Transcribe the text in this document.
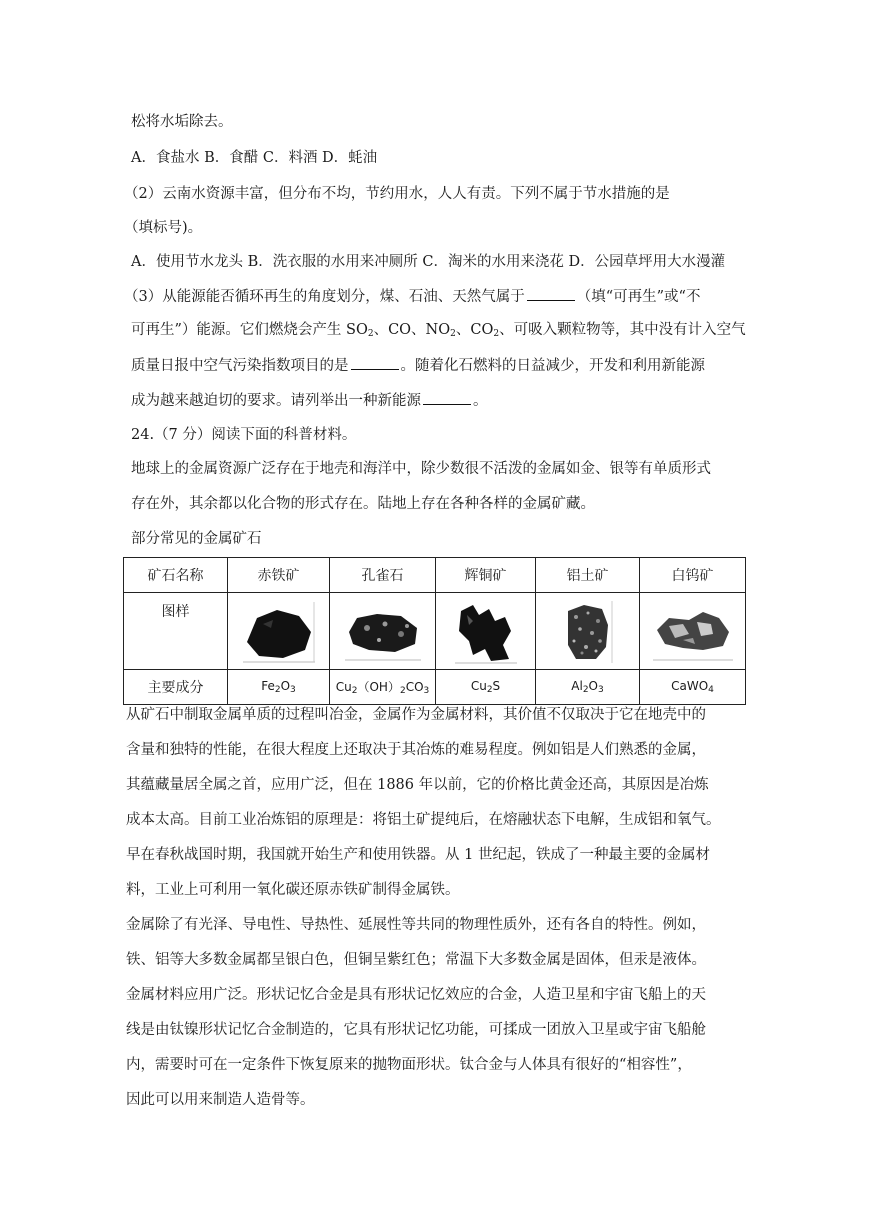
松将水垢除去。
A．食盐水 B．食醋 C．料酒 D．蚝油
（2）云南水资源丰富，但分布不均，节约用水，人人有责。下列不属于节水措施的是
（填标号)。
A．使用节水龙头 B．洗衣服的水用来冲厕所 C．淘米的水用来浇花 D．公园草坪用大水漫灌
（3）从能源能否循环再生的角度划分，煤、石油、天然气属于	（填“可再生”或“不
可再生”）能源。它们燃烧会产生 $SO_2$、CO、$NO_2$、$CO_2$、可吸入颗粒物等，其中没有计入空气
质量日报中空气污染指数项目的是	。随着化石燃料的日益减少，开发和利用新能源
成为越来越迫切的要求。请列举出一种新能源	。
24.（7 分）阅读下面的科普材料。
地球上的金属资源广泛存在于地壳和海洋中，除少数很不活泼的金属如金、银等有单质形式
存在外，其余都以化合物的形式存在。陆地上存在各种各样的金属矿藏。
部分常见的金属矿石
矿石名称	赤铁矿	孔雀石	辉铜矿	铝土矿	白钨矿
图样	

主要成分	$Fe_2O_3$	$Cu_2(OH)_2CO_3$	$Cu_2S$	$Al_2O_3$	CaWO$_4$
从矿石中制取金属单质的过程叫冶金，金属作为金属材料，其价值不仅取决于它在地壳中的
含量和独特的性能，在很大程度上还取决于其冶炼的难易程度。例如铝是人们熟悉的金属，
其蕴藏量居全属之首，应用广泛，但在 1886 年以前，它的价格比黄金还高，其原因是冶炼
成本太高。目前工业冶炼铝的原理是：将铝土矿提纯后，在熔融状态下电解，生成铝和氧气。
早在春秋战国时期，我国就开始生产和使用铁器。从 1 世纪起，铁成了一种最主要的金属材
料，工业上可利用一氧化碳还原赤铁矿制得金属铁。
金属除了有光泽、导电性、导热性、延展性等共同的物理性质外，还有各自的特性。例如，
铁、铝等大多数金属都呈银白色，但铜呈紫红色；常温下大多数金属是固体，但汞是液体。
金属材料应用广泛。形状记忆合金是具有形状记忆效应的合金，人造卫星和宇宙飞船上的天
线是由钛镍形状记忆合金制造的，它具有形状记忆功能，可揉成一团放入卫星或宇宙飞船舱
内，需要时可在一定条件下恢复原来的抛物面形状。钛合金与人体具有很好的“相容性”，
因此可以用来制造人造骨等。
